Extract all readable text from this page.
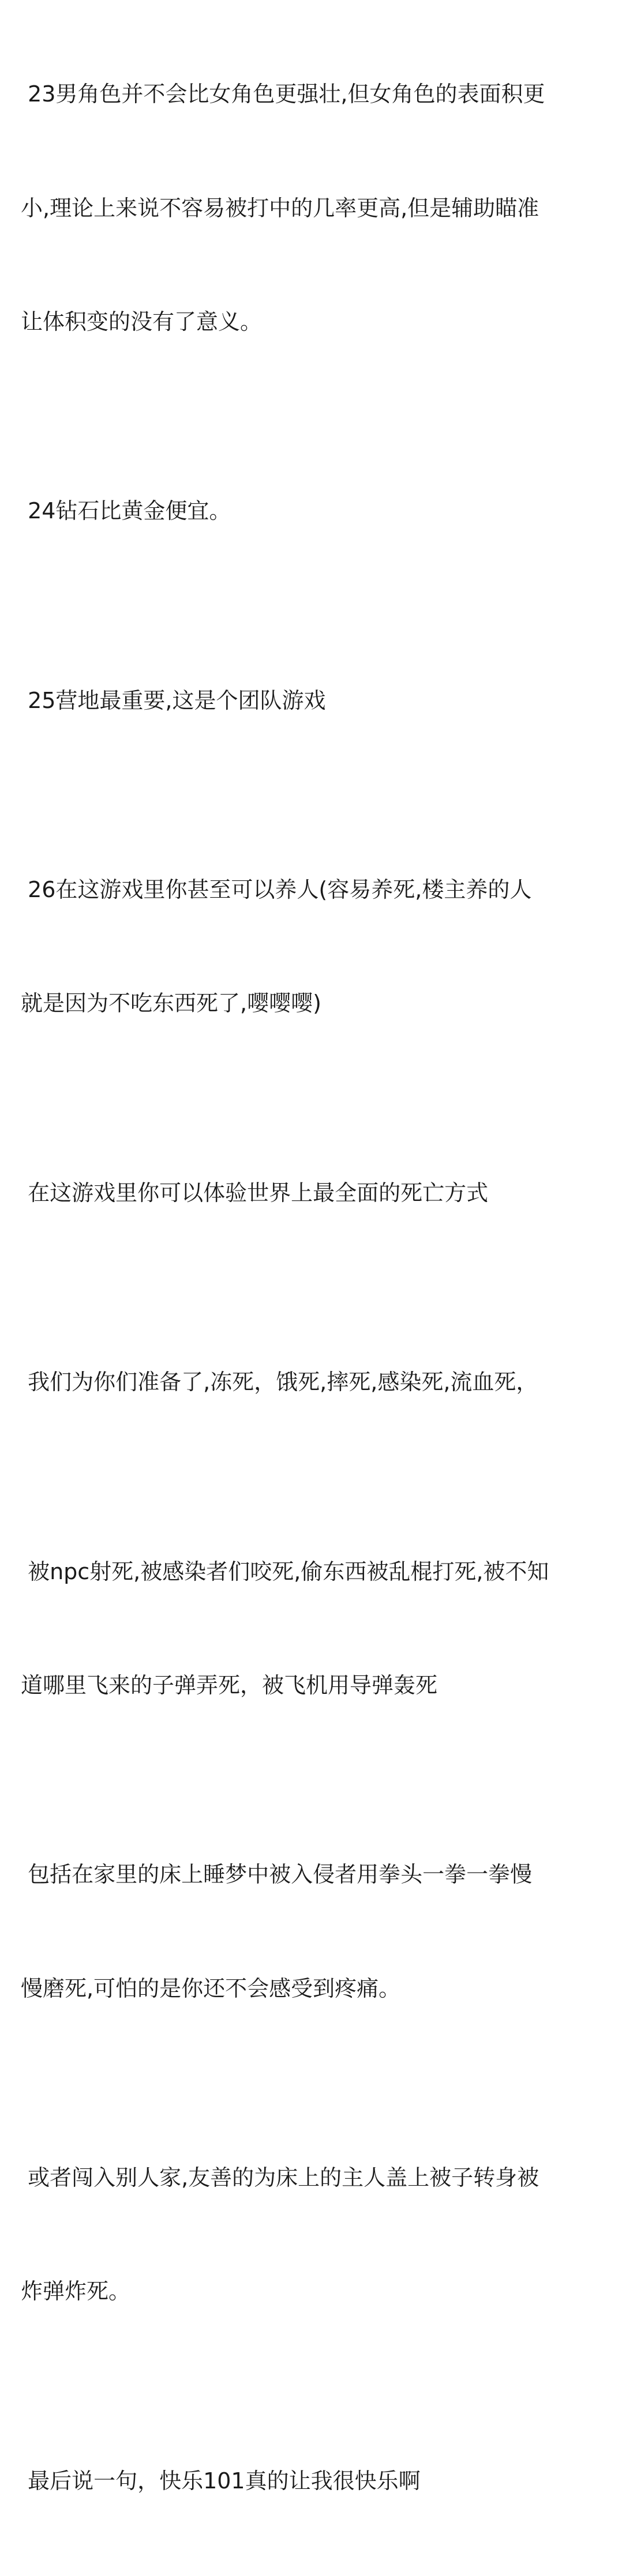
23男角色并不会比女角色更强壮,但女角色的表面积更

小,理论上来说不容易被打中的几率更高,但是辅助瞄准

让体积变的没有了意义。

24钻石比黄金便宜。

25营地最重要,这是个团队游戏

26在这游戏里你甚至可以养人(容易养死,楼主养的人

就是因为不吃东西死了,嘤嘤嘤)

在这游戏里你可以体验世界上最全面的死亡方式

我们为你们准备了,冻死，饿死,摔死,感染死,流血死，

被npc射死,被感染者们咬死,偷东西被乱棍打死,被不知

道哪里飞来的子弹弄死，被飞机用导弹轰死

包括在家里的床上睡梦中被入侵者用拳头一拳一拳慢

慢磨死,可怕的是你还不会感受到疼痛。

或者闯入别人家,友善的为床上的主人盖上被子转身被

炸弹炸死。

最后说一句，快乐101真的让我很快乐啊
